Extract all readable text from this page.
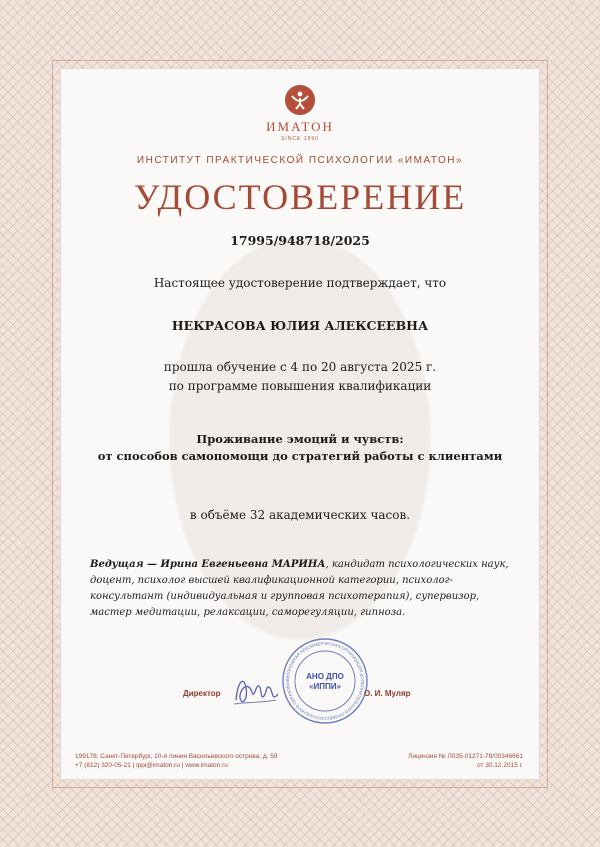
ИМАТОН
SINCE 1990
ИНСТИТУТ ПРАКТИЧЕСКОЙ ПСИХОЛОГИИ «ИМАТОН»
УДОСТОВЕРЕНИЕ
17995/948718/2025
Настоящее удостоверение подтверждает, что
НЕКРАСОВА ЮЛИЯ АЛЕКСЕЕВНА
прошла обучение с 4 по 20 августа 2025 г.
по программе повышения квалификации
Проживание эмоций и чувств:
от способов самопомощи до стратегий работы с клиентами
в объёме 32 академических часов.
Ведущая — Ирина Евгеньевна МАРИНА, кандидат психологических наук, доцент, психолог высшей квалификационной категории, психолог-консультант (индивидуальная и групповая психотерапия), супервизор, мастер медитации, релаксации, саморегуляции, гипноза.
Директор
АВТОНОМНАЯ НЕКОММЕРЧЕСКАЯ ОРГАНИЗАЦИЯ ДОПОЛНИТЕЛЬНОГО ПРОФЕССИОНАЛЬНОГО ОБРАЗОВАН
АНО ДПО
«ИППИ»
О. И. Муляр
199178, Санкт-Петербург, 10-я линия Васильевского острова, д. 59
+7 (812) 320-05-21 | ippi@imaton.ru | www.imaton.ru
Лицензия № Л035-01271-78/00346661
от 30.12.2015 г.
